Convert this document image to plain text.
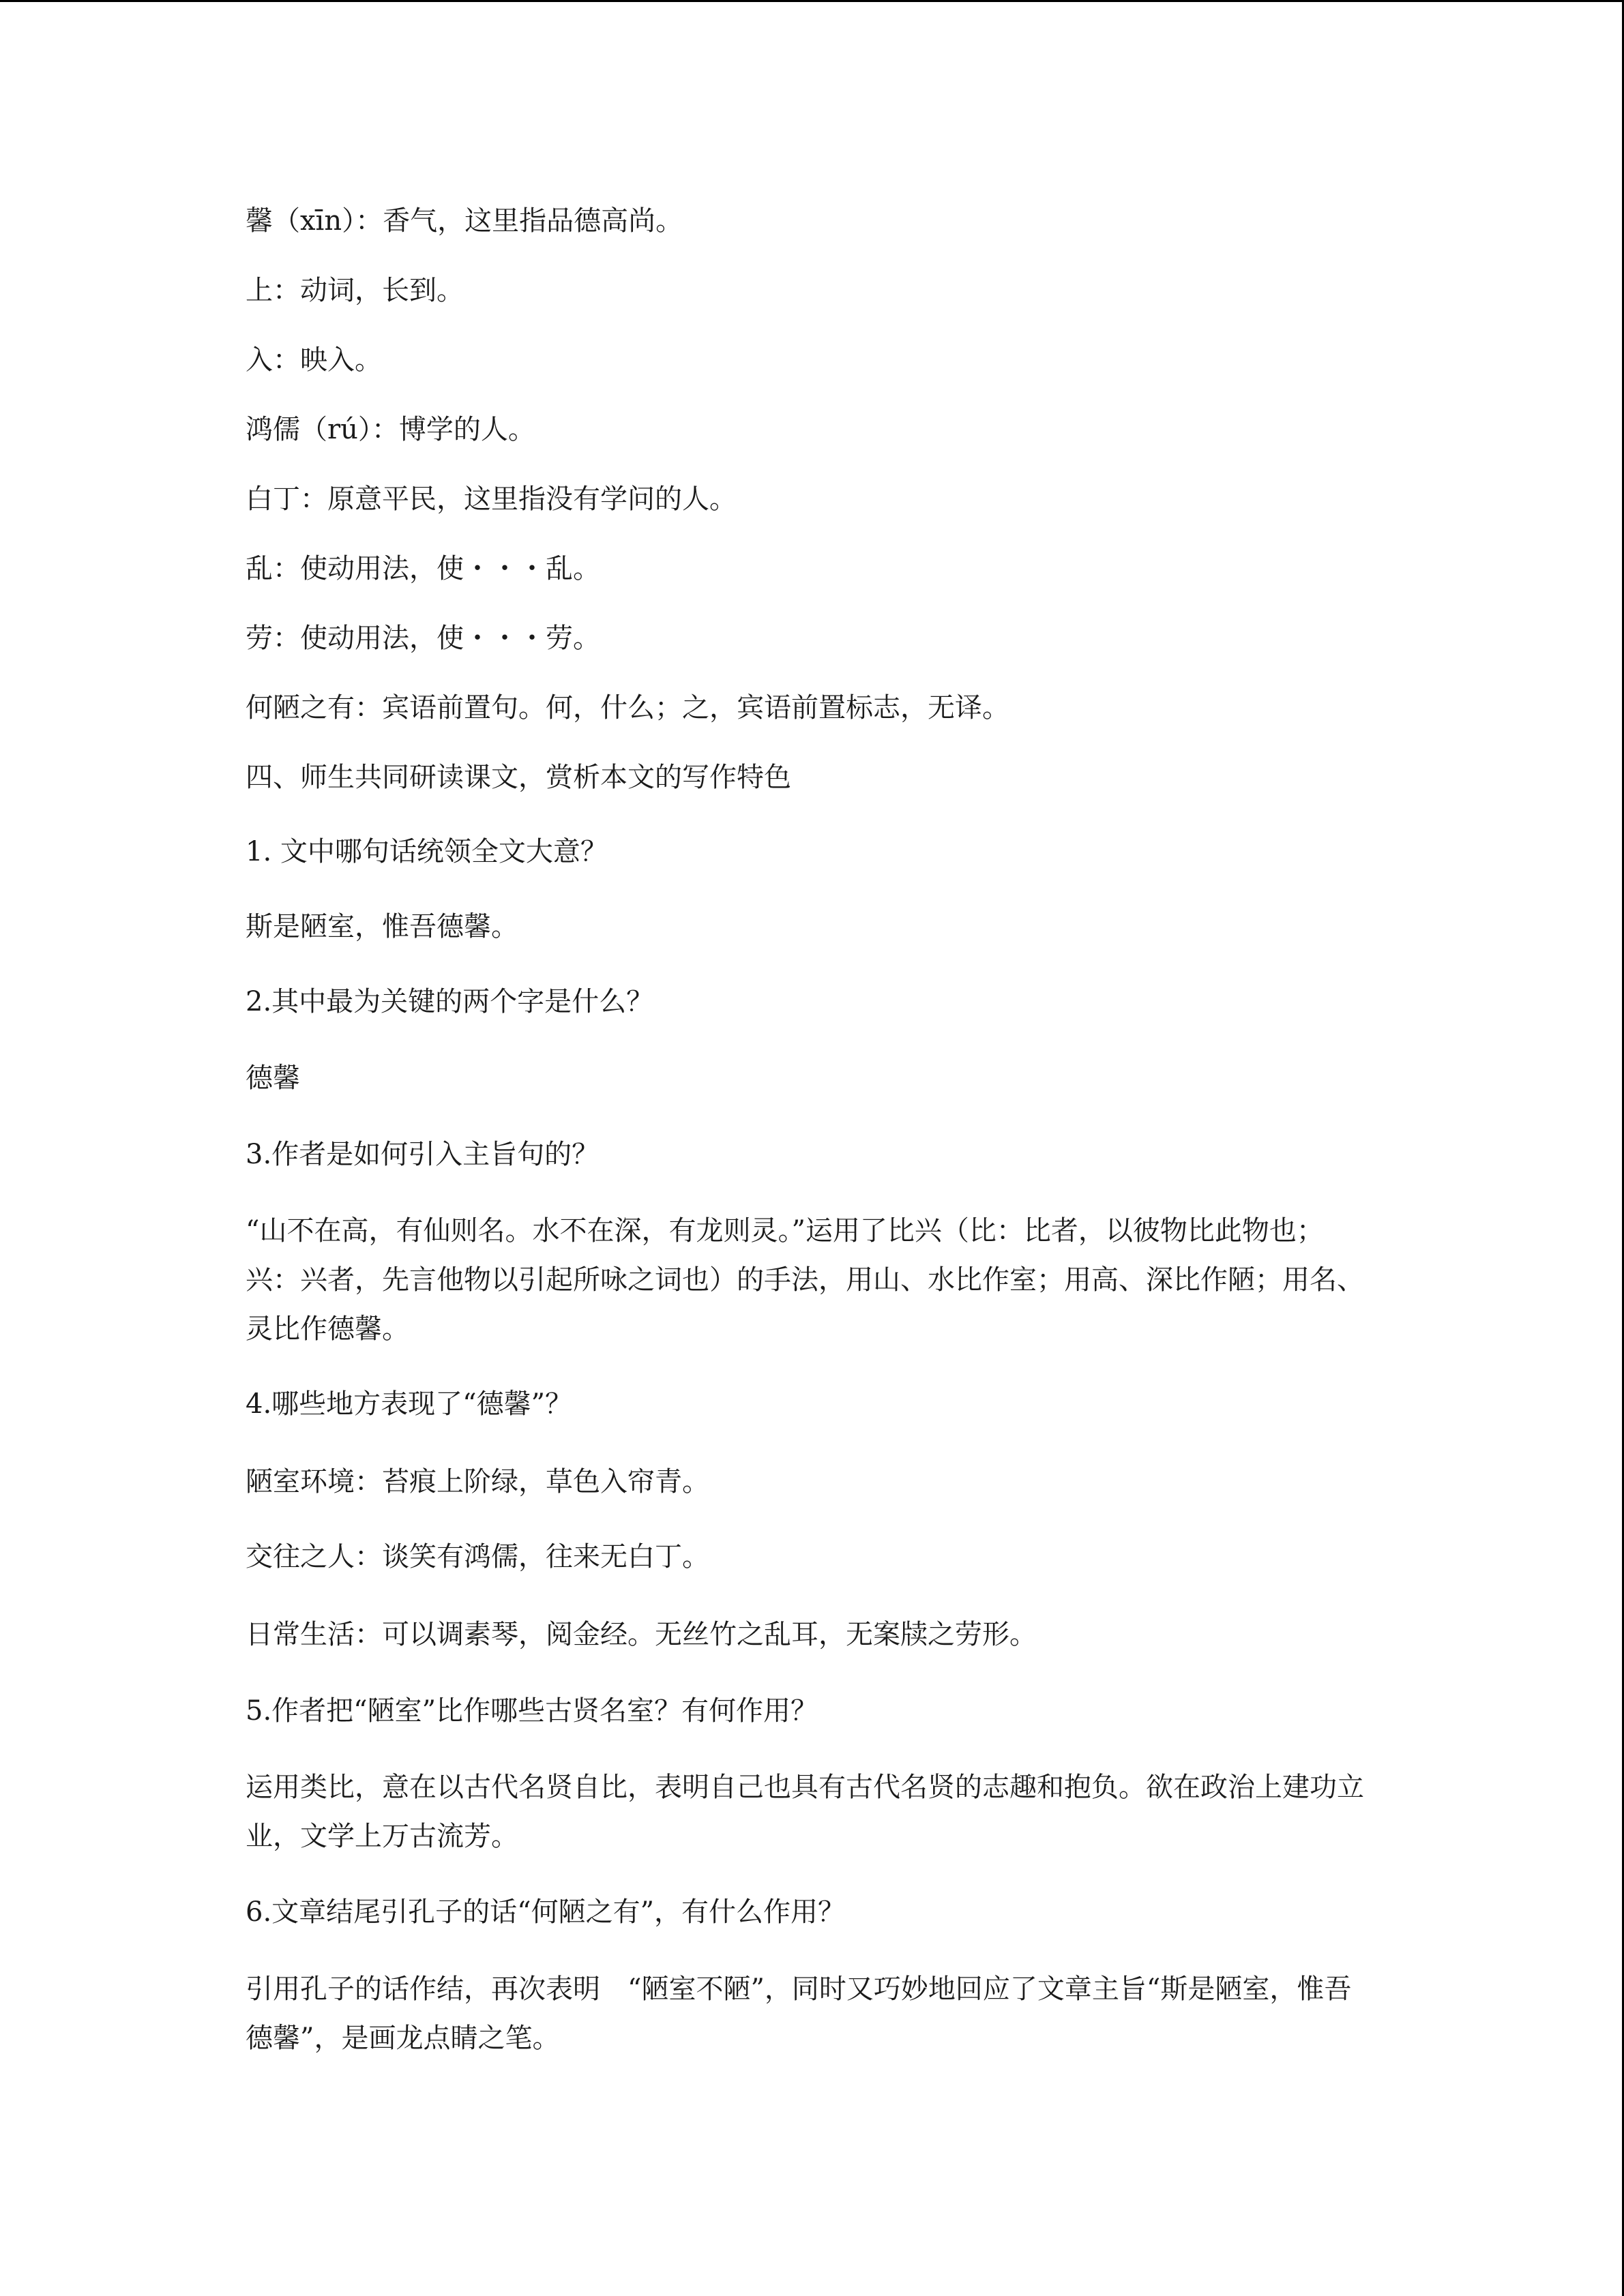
馨（xīn）：香气，这里指品德高尚。

上：动词，长到。

入：映入。

鸿儒（rú）：博学的人。

白丁：原意平民，这里指没有学问的人。

乱：使动用法，使・・・乱。

劳：使动用法，使・・・劳。

何陋之有：宾语前置句。何，什么；之，宾语前置标志，无译。

四、师生共同研读课文，赏析本文的写作特色

1. 文中哪句话统领全文大意？

斯是陋室，惟吾德馨。

2.其中最为关键的两个字是什么？

德馨

3.作者是如何引入主旨句的？

“山不在高，有仙则名。水不在深，有龙则灵。”运用了比兴（比：比者，以彼物比此物也；兴：兴者，先言他物以引起所咏之词也）的手法，用山、水比作室；用高、深比作陋；用名、灵比作德馨。

4.哪些地方表现了“德馨”？

陋室环境：苔痕上阶绿，草色入帘青。

交往之人：谈笑有鸿儒，往来无白丁。

日常生活：可以调素琴，阅金经。无丝竹之乱耳，无案牍之劳形。

5.作者把“陋室”比作哪些古贤名室？有何作用？

运用类比，意在以古代名贤自比，表明自己也具有古代名贤的志趣和抱负。欲在政治上建功立业，文学上万古流芳。

6.文章结尾引孔子的话“何陋之有”，有什么作用？

引用孔子的话作结，再次表明　“陋室不陋”，同时又巧妙地回应了文章主旨“斯是陋室，惟吾德馨”，是画龙点睛之笔。
